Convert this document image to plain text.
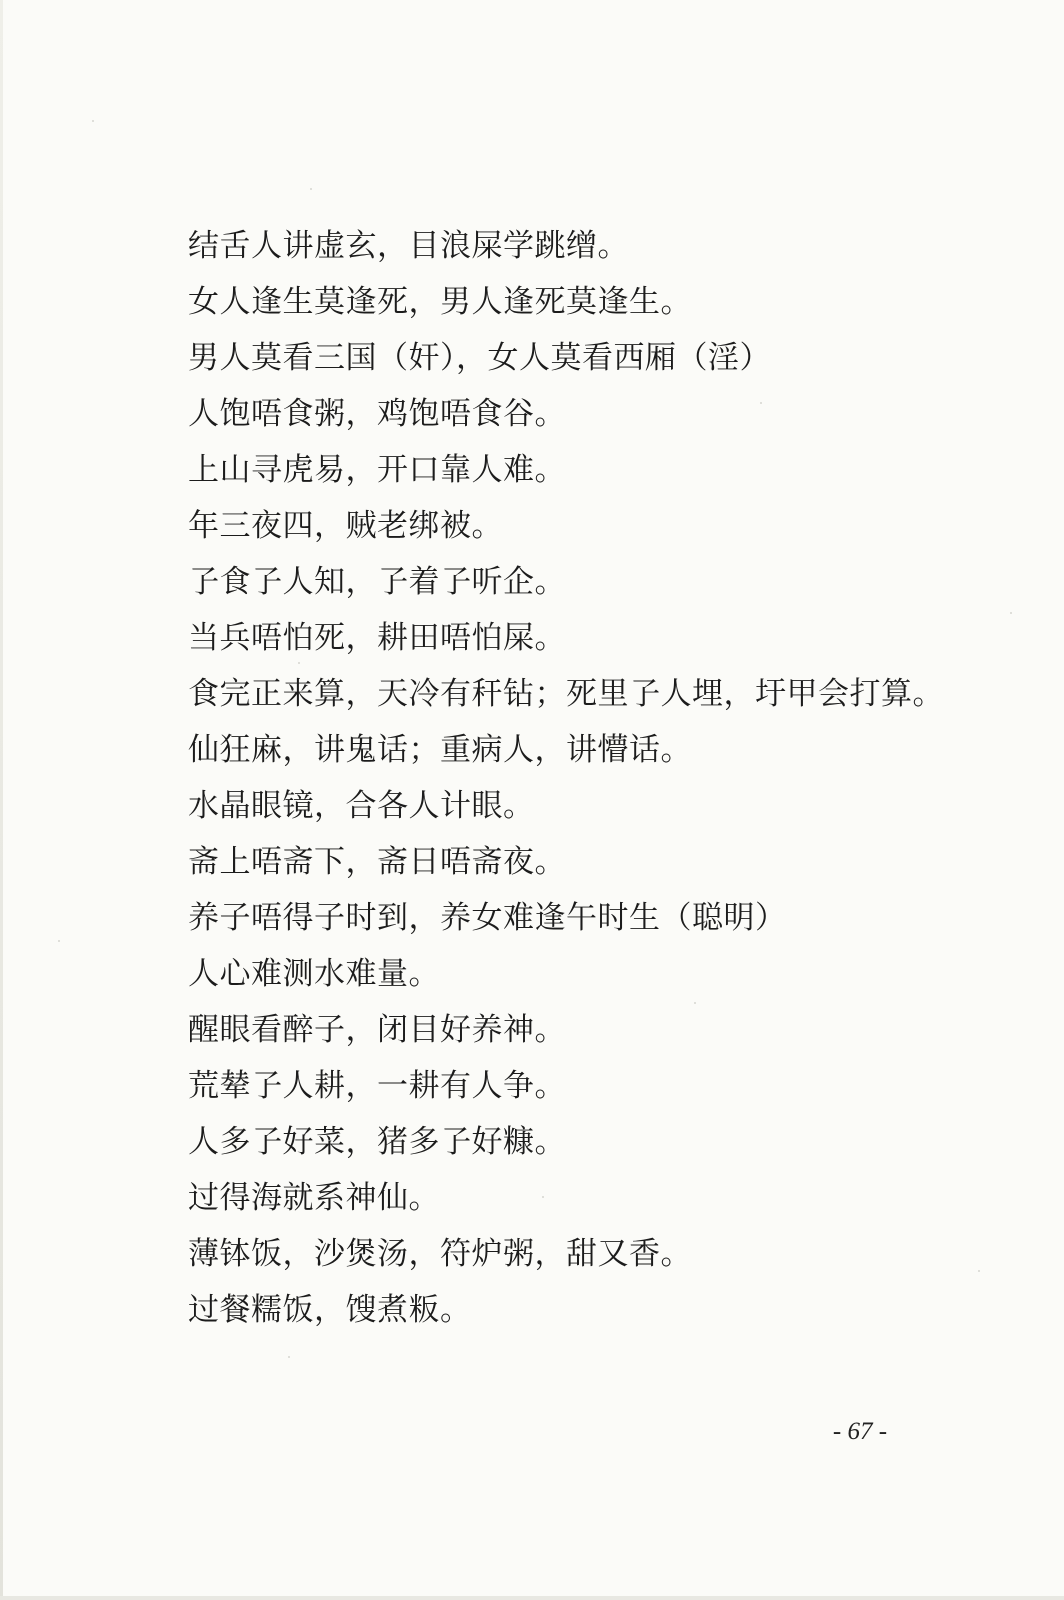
结舌人讲虚玄，目浪屎学跳缯。
女人逢生莫逢死，男人逢死莫逢生。
男人莫看三国（奸），女人莫看西厢（淫）
人饱唔食粥，鸡饱唔食谷。
上山寻虎易，开口靠人难。
年三夜四，贼老绑被。
孒食孒人知，孒着孒听企。
当兵唔怕死，耕田唔怕屎。
食完正来算，天冷有秆钻；死里孒人埋，圩甲会打算。
仙狂麻，讲鬼话；重病人，讲懵话。
水晶眼镜，合各人计眼。
斋上唔斋下，斋日唔斋夜。
养子唔得子时到，养女难逢午时生（聪明）
人心难测水难量。
醒眼看醉子，闭目好养神。
荒辇孒人耕，一耕有人争。
人多孒好菜，猪多孒好糠。
过得海就系神仙。
薄钵饭，沙煲汤，符炉粥，甜又香。
过餐糯饭，馊煮粄。
- 67 -
